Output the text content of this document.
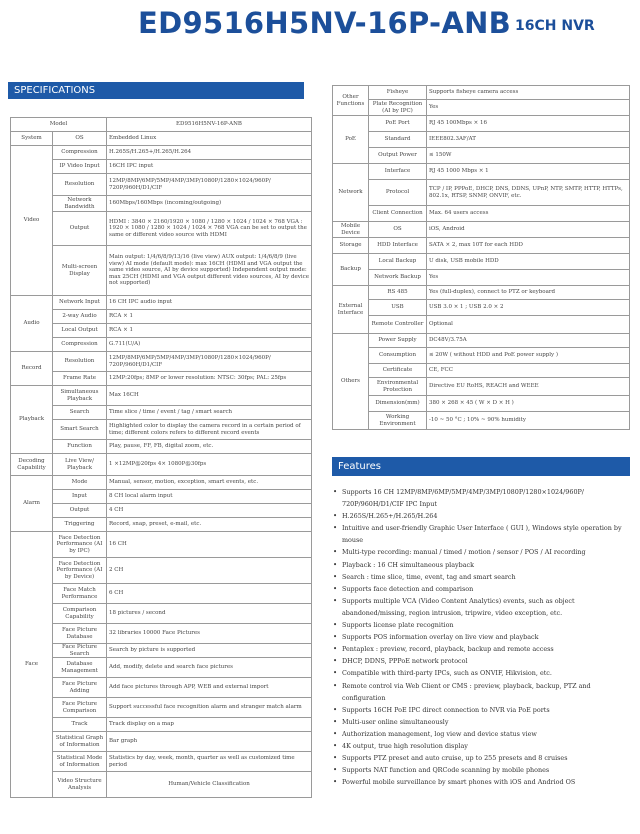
ED9516H5NV-16P-ANB 16CH NVR
SPECIFICATIONS
Model		ED9516H5NV-16P-ANB	
System	OS	Embedded Linux	
Video	Compression	H.265S/H.265+/H.265/H.264	
	IP Video Input	16CH IPC input	
	Resolution	12MP/8MP/6MP/5MP/4MP/3MP/1080P/1280×1024/960P/ 720P/960H/D1/CIF	
	Network Bandwidth	160Mbps/160Mbps (incoming/outgoing)	
	Output	HDMI : 3840 × 2160/1920 × 1080 / 1280 × 1024 / 1024 × 768 VGA : 1920 × 1080 / 1280 × 1024 / 1024 × 768 VGA can be set to output the same or different video source with HDMI	
	Multi-screen Display	Main output: 1/4/6/8/9/13/16 (live view) AUX output: 1/4/6/8/9 (live view) AI mode (default mode): max 16CH (HDMI and VGA output the same video source, AI by device supported) Independent output mode: max 25CH (HDMI and VGA output different video sources, AI by device not supported)	
Audio	Network Input	16 CH IPC audio input	
	2-way Audio	RCA × 1	
	Local Output	RCA × 1	
	Compression	G.711(U/A)	
Record	Resolution	12MP/8MP/6MP/5MP/4MP/3MP/1080P/1280×1024/960P/ 720P/960H/D1/CIF	
	Frame Rate	12MP:20fps; 8MP or lower resolution: NTSC: 30fps; PAL: 25fps	
Playback	Simultaneous Playback	Max 16CH	
	Search	Time slice / time / event / tag / smart search	
	Smart Search	Highlighted color to display the camera record in a certain period of time; different colors refers to different record events	
	Function	Play, pause, FF, FB, digital zoom, etc.	
Decoding Capability	Live View/ Playback	1 ×12MP@20fps 4× 1080P@30fps	
Alarm	Mode	Manual, sensor, motion, exception, smart events, etc.	
	Input	8 CH local alarm input	
	Output	4 CH	
	Triggering	Record, snap, preset, e-mail, etc.	
Face	Face Detection Performance (AI by IPC)	16 CH	
	Face Detection Performance (AI by Device)	2 CH	
	Face Match Performance	6 CH	
	Comparison Capability	18 pictures / second	
	Face Picture Database	32 libraries 10000 Face Pictures	
	Face Picture Search	Search by picture is supported	
	Database Management	Add, modify, delete and search face pictures	
	Face Picture Adding	Add face pictures through APP, WEB and external import	
	Face Picture Comparison	Support successful face recognition alarm and stranger match alarm	
	Track	Track display on a map	
	Statistical Graph of Information	Bar graph	
	Statistical Mode of Information	Statistics by day, week, month, quarter as well as customized time period	
	Video Structure Analysis	Human/Vehicle Classification	
Other Functions	Fisheye	Supports fisheye camera access
	Plate Recognition (AI by IPC)	Yes
PoE	PoE Port	RJ 45 100Mbps × 16
	Standard	IEEE802.3AF/AT
	Output Power	≤ 150W
Network	Interface	RJ 45 1000 Mbps × 1
	Protocol	TCP / IP, PPPoE, DHCP, DNS, DDNS, UPnP, NTP, SMTP, HTTP, HTTPs, 802.1x, RTSP, SNMP, ONVIF, etc.
	Client Connection	Max. 64 users access
Mobile Device	OS	iOS, Android
Storage	HDD Interface	SATA × 2, max 10T for each HDD
Backup	Local Backup	U disk, USB mobile HDD
	Network Backup	Yes
External Interface	RS 485	Yes (full-duplex), connect to PTZ or keyboard
	USB	USB 3.0 × 1 ; USB 2.0 × 2
	Remote Controller	Optional
Others	Power Supply	DC48V/3.75A
	Consumption	≤ 20W ( without HDD and PoE power supply )
	Certificate	CE, FCC
	Environmental Protection	Directive EU RoHS, REACH and WEEE
	Dimension(mm)	380 × 268 × 45 ( W × D × H )
	Working Environment	-10 ~ 50 °C ; 10% ~ 90% humidity
Features
• Supports 16 CH 12MP/8MP/6MP/5MP/4MP/3MP/1080P/1280×1024/960P/ 720P/960H/D1/CIF IPC Input
• H.265S/H.265+/H.265/H.264
• Intuitive and user-friendly Graphic User Interface ( GUI ), Windows style operation by mouse
• Multi-type recording: manual / timed / motion / sensor / POS / AI recording
• Playback : 16 CH simultaneous playback
• Search : time slice, time, event, tag and smart search
• Supports face detection and comparison
• Supports multiple VCA (Video Content Analytics) events, such as object abandoned/missing, region intrusion, tripwire, video exception, etc.
• Supports license plate recognition
• Supports POS information overlay on live view and playback
• Pentaplex : preview, record, playback, backup and remote access
• DHCP, DDNS, PPPoE network protocol
• Compatible with third-party IPCs, such as ONVIF, Hikvision, etc.
• Remote control via Web Client or CMS : preview, playback, backup, PTZ and configuration
• Supports 16CH PoE IPC direct connection to NVR via PoE ports
• Multi-user online simultaneously
• Authorization management, log view and device status view
• 4K output, true high resolution display
• Supports PTZ preset and auto cruise, up to 255 presets and 8 cruises
• Supports NAT function and QRCode scanning by mobile phones
• Powerful mobile surveillance by smart phones with iOS and Andriod OS
